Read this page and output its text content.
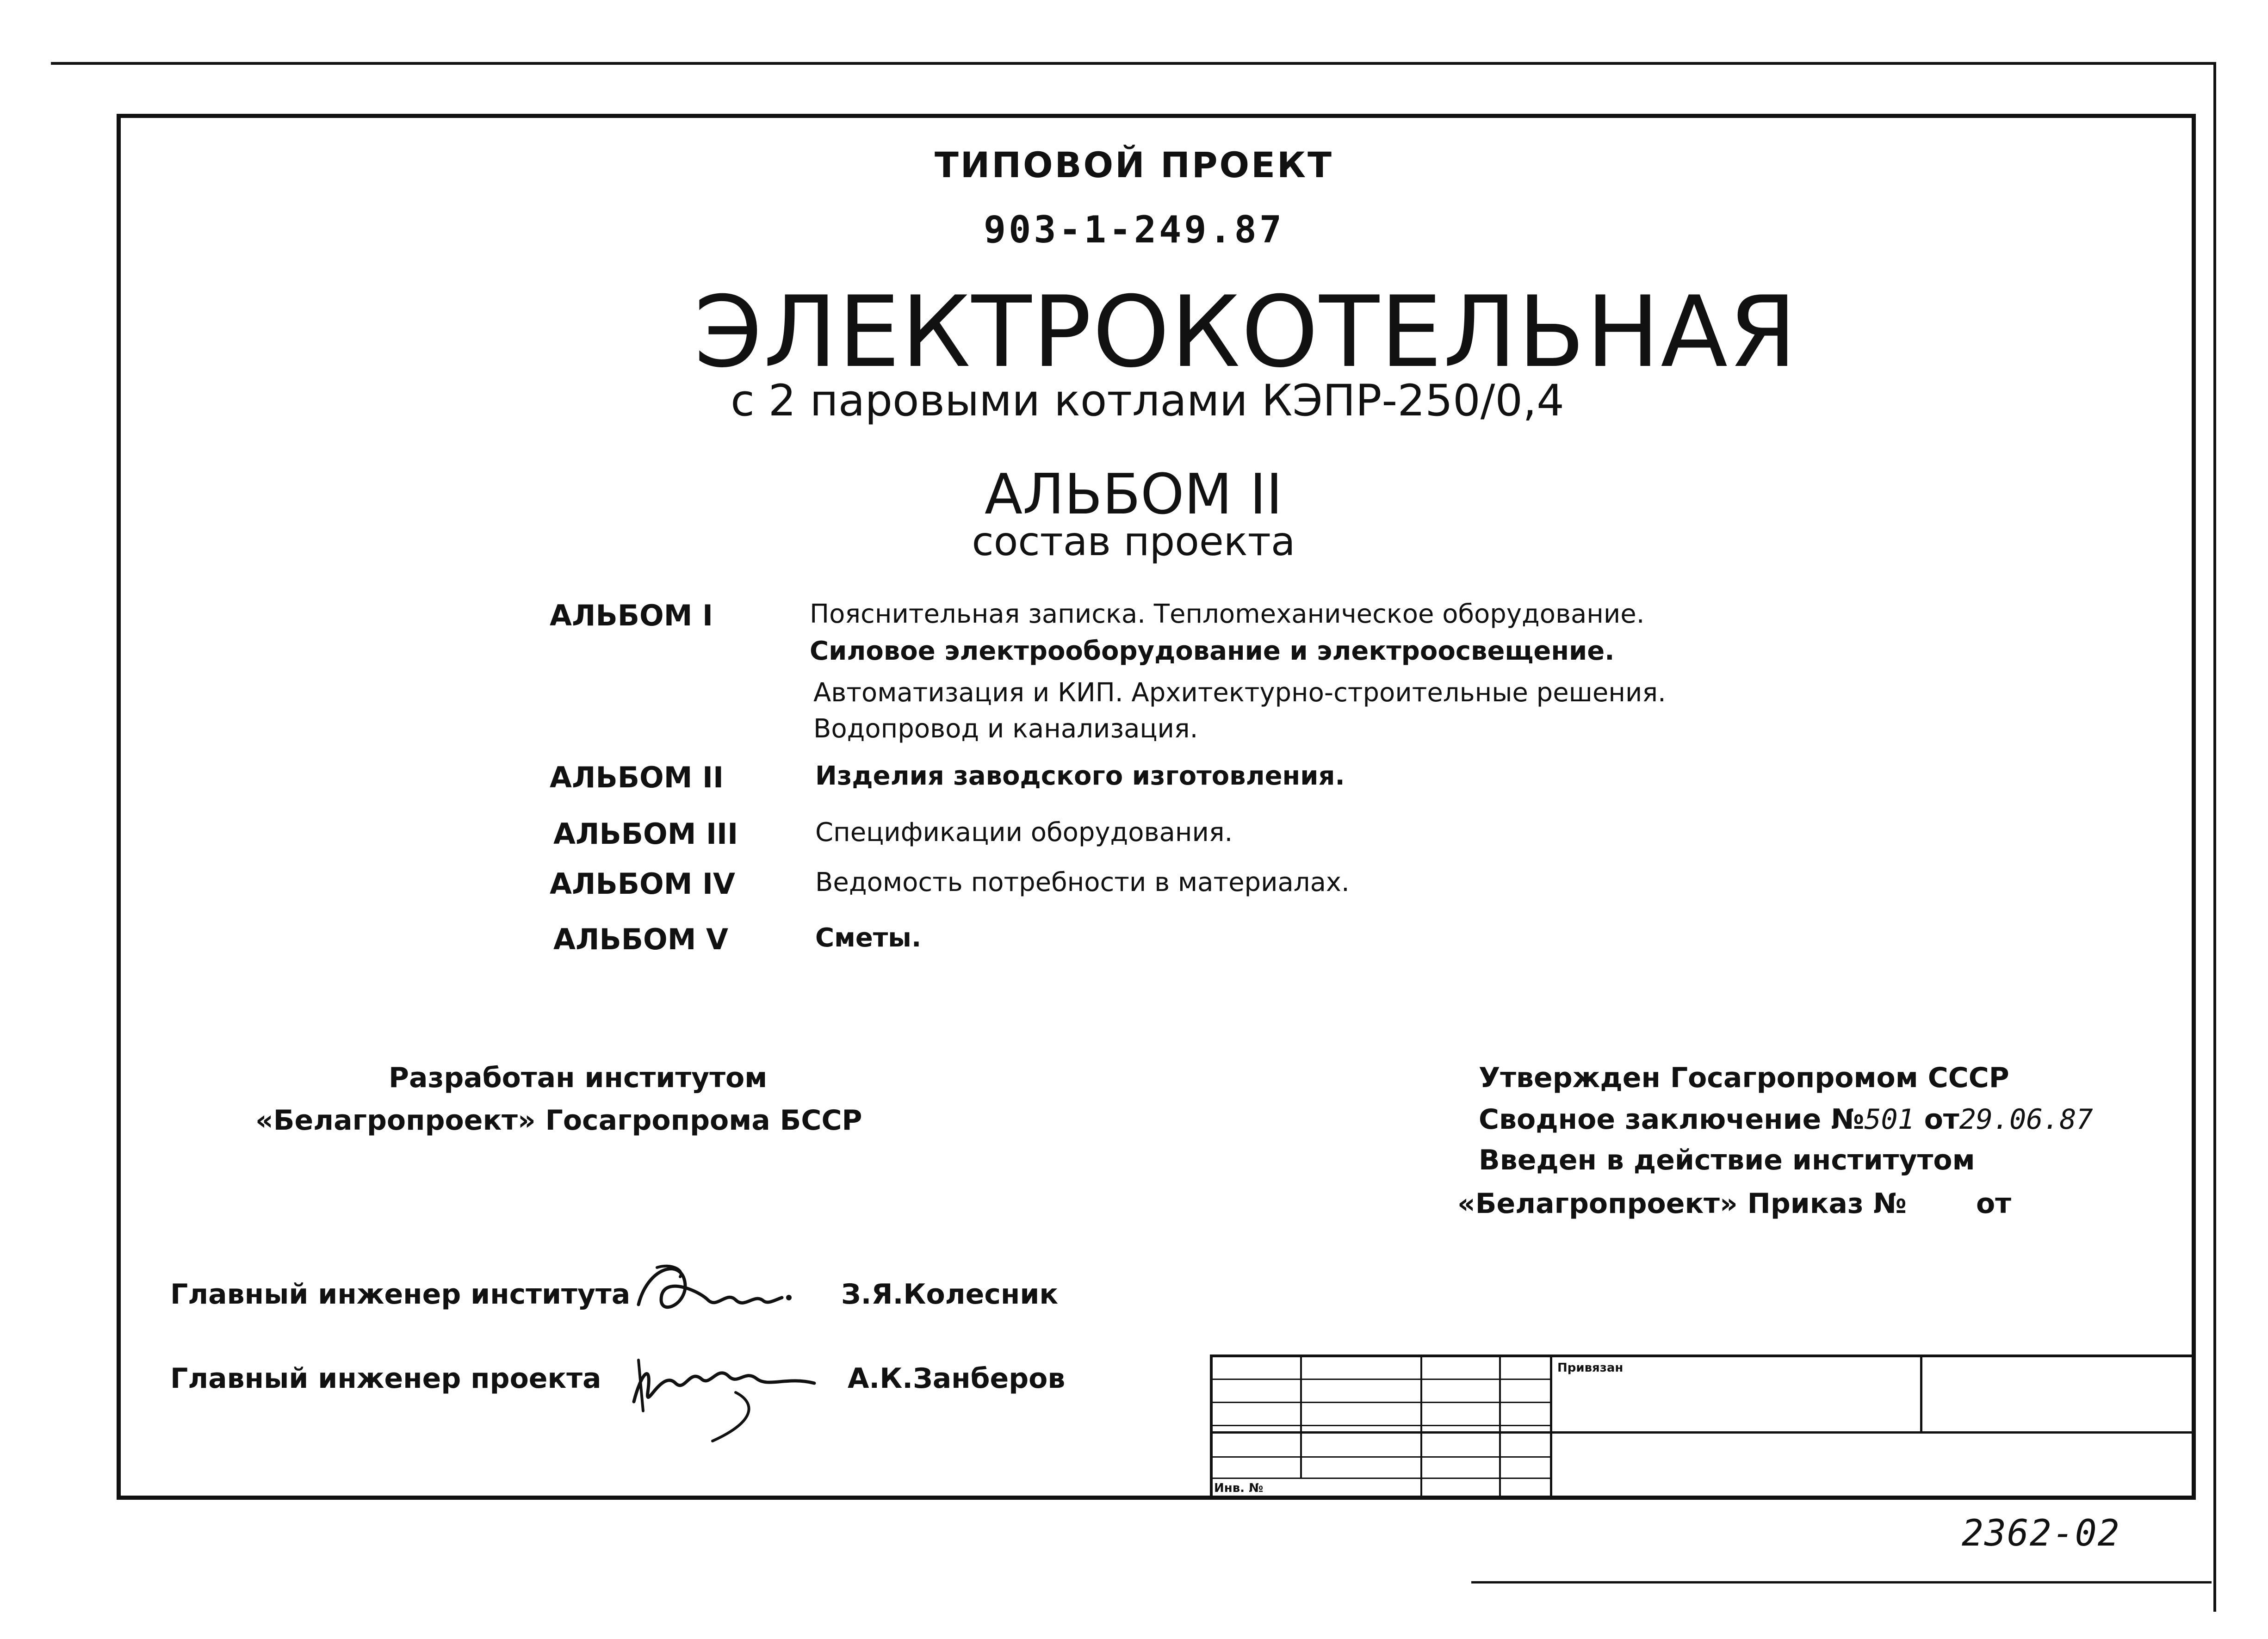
ТИПОВОЙ ПРОЕКТ
903-1-249.87
ЭЛЕКТРОКОТЕЛЬНАЯ
с 2 паровыми котлами КЭПР-250/0,4
АЛЬБОМ II
состав проекта
АЛЬБОМ I	Пояснительная записка. Теплomеханическое оборудование.
Силовое электрооборудование и электроосвещение.
Автоматизация и КИП. Архитектурно-строительные решения.
Водопровод и канализация.
АЛЬБОМ II	Изделия заводского изготовления.
АЛЬБОМ III	Спецификации оборудования.
АЛЬБОМ IV	Ведомость потребности в материалах.
АЛЬБОМ V	Сметы.
Разработан институтом
«Белагропроект» Госагропрома БССР
Утвержден Госагропромом СССР
Сводное заключение №501 от29.06.87
Введен в действие институтом
«Белагропроект» Приказ №	от
Главный инженер института	З.Я.Колесник
Главный инженер проекта	А.К.Занберов	Привязан
Инв. №
2362-02
